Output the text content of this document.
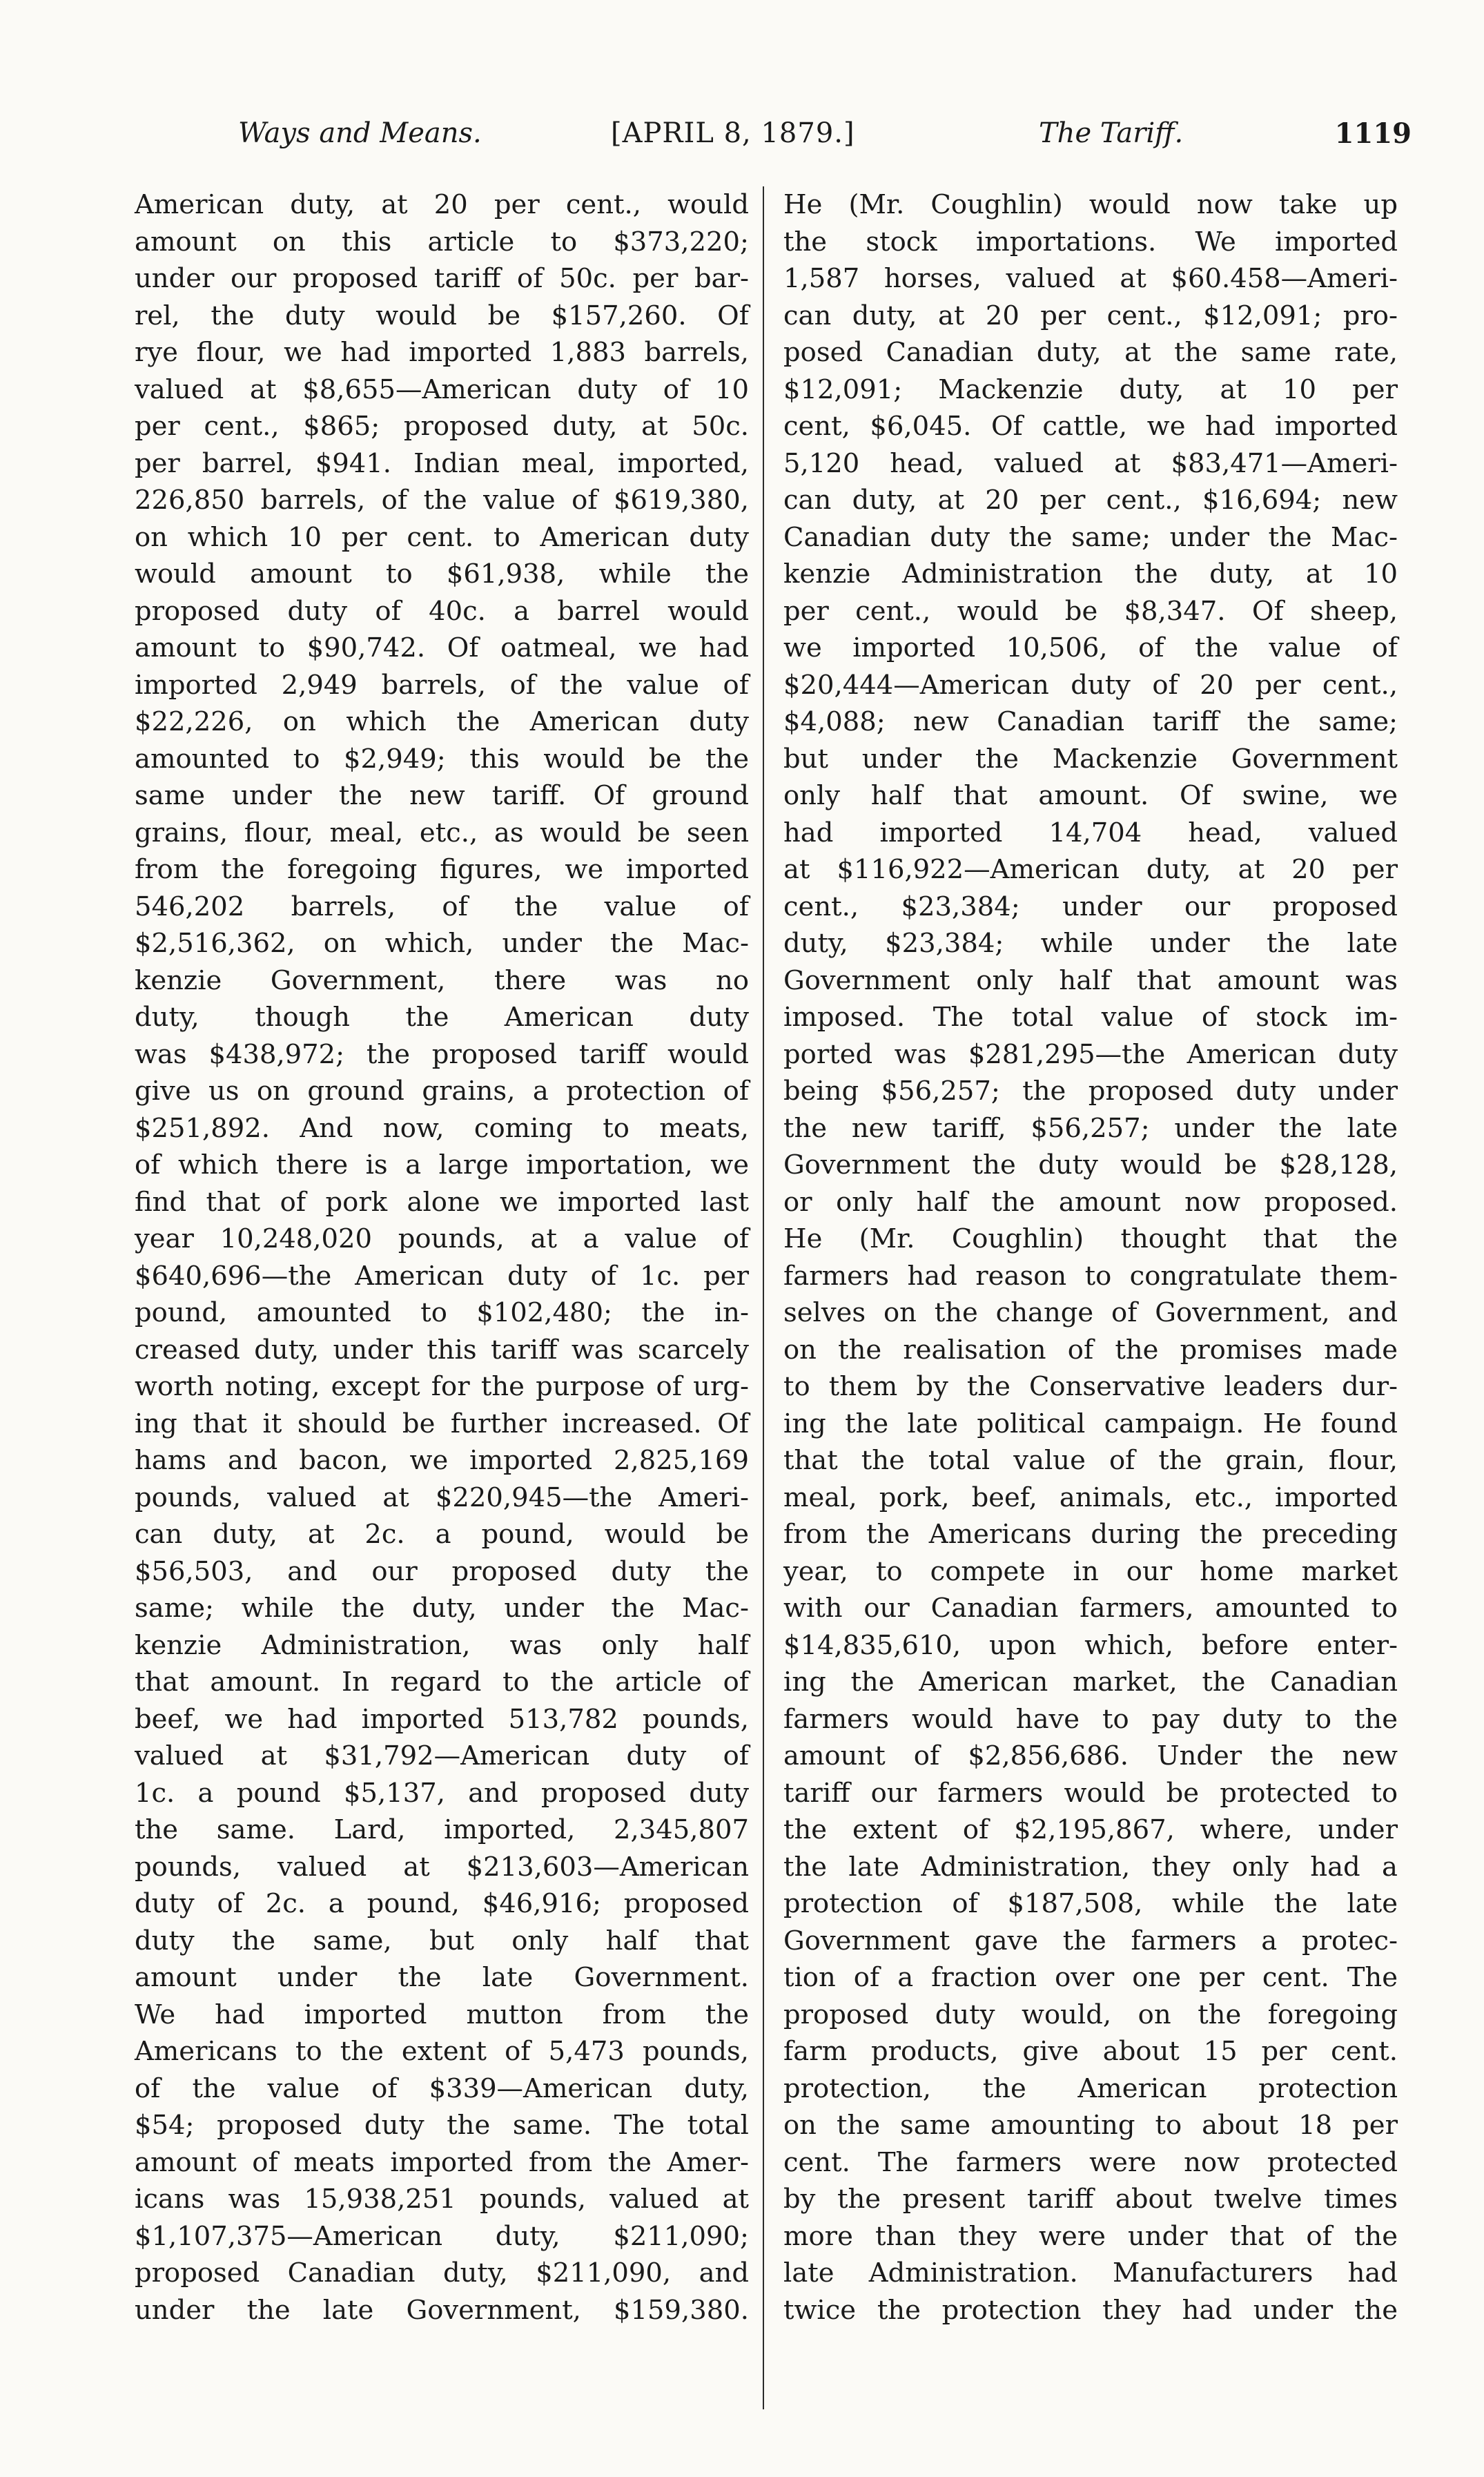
Ways and Means.	[APRIL 8, 1879.]	The Tariff.	1119
American duty, at 20 per cent., would
amount on this article to $373,220;
under our proposed tariff of 50c. per bar-
rel, the duty would be $157,260. Of
rye flour, we had imported 1,883 barrels,
valued at $8,655—American duty of 10
per cent., $865; proposed duty, at 50c.
per barrel, $941. Indian meal, imported,
226,850 barrels, of the value of $619,380,
on which 10 per cent. to American duty
would amount to $61,938, while the
proposed duty of 40c. a barrel would
amount to $90,742. Of oatmeal, we had
imported 2,949 barrels, of the value of
$22,226, on which the American duty
amounted to $2,949; this would be the
same under the new tariff. Of ground
grains, flour, meal, etc., as would be seen
from the foregoing figures, we imported
546,202 barrels, of the value of
$2,516,362, on which, under the Mac-
kenzie Government, there was no
duty, though the American duty
was $438,972; the proposed tariff would
give us on ground grains, a protection of
$251,892. And now, coming to meats,
of which there is a large importation, we
find that of pork alone we imported last
year 10,248,020 pounds, at a value of
$640,696—the American duty of 1c. per
pound, amounted to $102,480; the in-
creased duty, under this tariff was scarcely
worth noting, except for the purpose of urg-
ing that it should be further increased. Of
hams and bacon, we imported 2,825,169
pounds, valued at $220,945—the Ameri-
can duty, at 2c. a pound, would be
$56,503, and our proposed duty the
same; while the duty, under the Mac-
kenzie Administration, was only half
that amount. In regard to the article of
beef, we had imported 513,782 pounds,
valued at $31,792—American duty of
1c. a pound $5,137, and proposed duty
the same. Lard, imported, 2,345,807
pounds, valued at $213,603—American
duty of 2c. a pound, $46,916; proposed
duty the same, but only half that
amount under the late Government.
We had imported mutton from the
Americans to the extent of 5,473 pounds,
of the value of $339—American duty,
$54; proposed duty the same. The total
amount of meats imported from the Amer-
icans was 15,938,251 pounds, valued at
$1,107,375—American duty, $211,090;
proposed Canadian duty, $211,090, and
under the late Government, $159,380.
He (Mr. Coughlin) would now take up
the stock importations. We imported
1,587 horses, valued at $60.458—Ameri-
can duty, at 20 per cent., $12,091; pro-
posed Canadian duty, at the same rate,
$12,091; Mackenzie duty, at 10 per
cent, $6,045. Of cattle, we had imported
5,120 head, valued at $83,471—Ameri-
can duty, at 20 per cent., $16,694; new
Canadian duty the same; under the Mac-
kenzie Administration the duty, at 10
per cent., would be $8,347. Of sheep,
we imported 10,506, of the value of
$20,444—American duty of 20 per cent.,
$4,088; new Canadian tariff the same;
but under the Mackenzie Government
only half that amount. Of swine, we
had imported 14,704 head, valued
at $116,922—American duty, at 20 per
cent., $23,384; under our proposed
duty, $23,384; while under the late
Government only half that amount was
imposed. The total value of stock im-
ported was $281,295—the American duty
being $56,257; the proposed duty under
the new tariff, $56,257; under the late
Government the duty would be $28,128,
or only half the amount now proposed.
He (Mr. Coughlin) thought that the
farmers had reason to congratulate them-
selves on the change of Government, and
on the realisation of the promises made
to them by the Conservative leaders dur-
ing the late political campaign. He found
that the total value of the grain, flour,
meal, pork, beef, animals, etc., imported
from the Americans during the preceding
year, to compete in our home market
with our Canadian farmers, amounted to
$14,835,610, upon which, before enter-
ing the American market, the Canadian
farmers would have to pay duty to the
amount of $2,856,686. Under the new
tariff our farmers would be protected to
the extent of $2,195,867, where, under
the late Administration, they only had a
protection of $187,508, while the late
Government gave the farmers a protec-
tion of a fraction over one per cent. The
proposed duty would, on the foregoing
farm products, give about 15 per cent.
protection, the American protection
on the same amounting to about 18 per
cent. The farmers were now protected
by the present tariff about twelve times
more than they were under that of the
late Administration. Manufacturers had
twice the protection they had under the
